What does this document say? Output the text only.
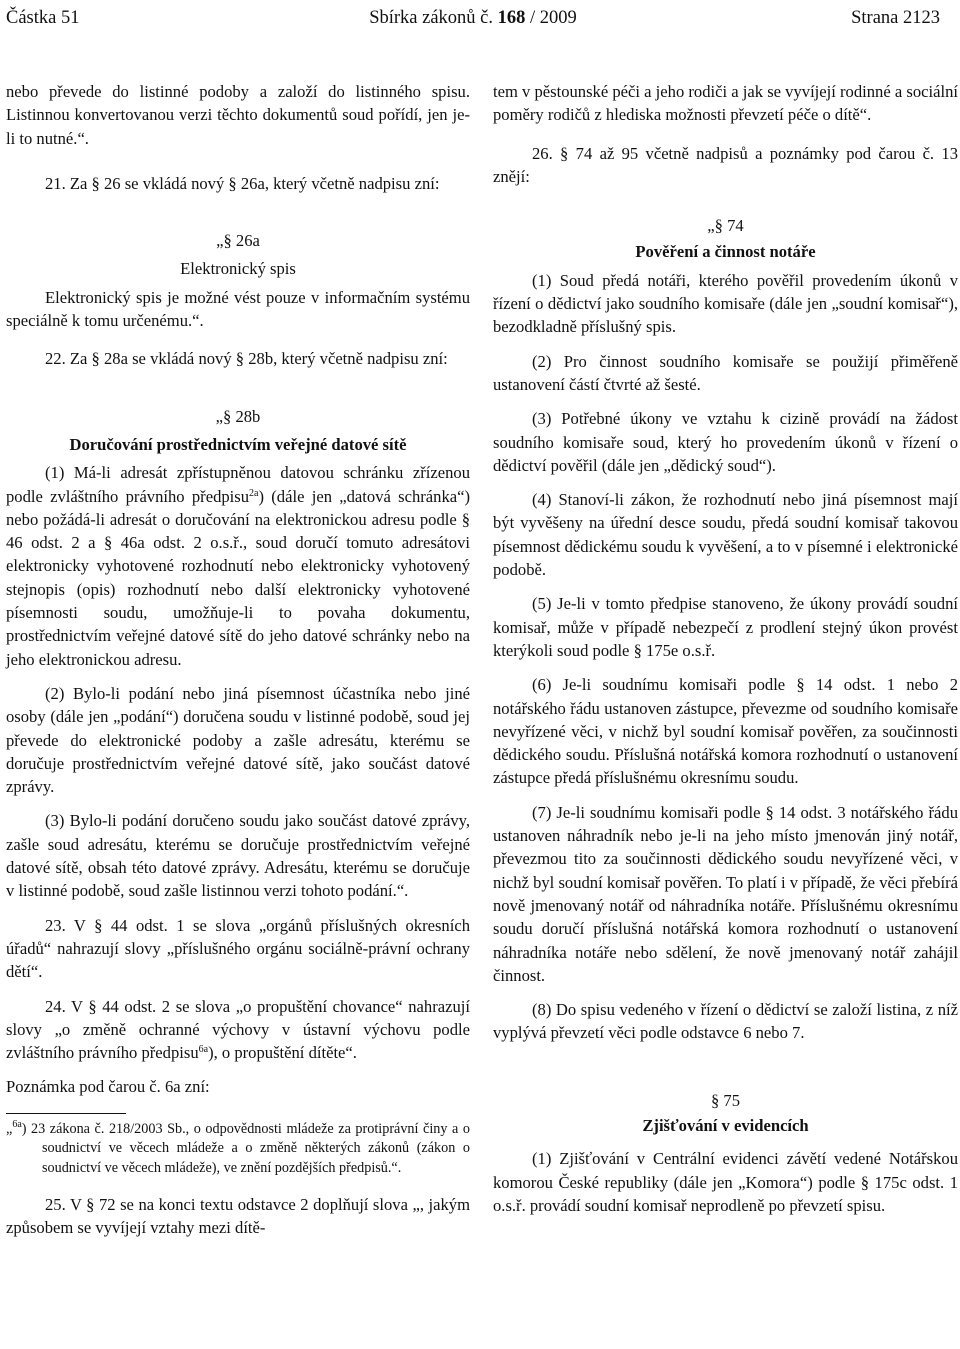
Částka 51	Sbírka zákonů č. 168 / 2009	Strana 2123

nebo převede do listinné podoby a založí do listinného spisu. Listinnou konvertovanou verzi těchto dokumentů soud pořídí, jen je-li to nutné.“.

21. Za § 26 se vkládá nový § 26a, který včetně nadpisu zní:

„§ 26a

Elektronický spis

Elektronický spis je možné vést pouze v informačním systému speciálně k tomu určenému.“.

22. Za § 28a se vkládá nový § 28b, který včetně nadpisu zní:

„§ 28b

Doručování prostřednictvím veřejné datové sítě

(1) Má-li adresát zpřístupněnou datovou schránku zřízenou podle zvláštního právního předpisu$^{2a}$) (dále jen „datová schránka“) nebo požádá-li adresát o doručování na elektronickou adresu podle § 46 odst. 2 a § 46a odst. 2 o.s.ř., soud doručí tomuto adresátovi elektronicky vyhotovené rozhodnutí nebo elektronicky vyhotovený stejnopis (opis) rozhodnutí nebo další elektronicky vyhotovené písemnosti soudu, umožňuje-li to povaha dokumentu, prostřednictvím veřejné datové sítě do jeho datové schránky nebo na jeho elektronickou adresu.

(2) Bylo-li podání nebo jiná písemnost účastníka nebo jiné osoby (dále jen „podání“) doručena soudu v listinné podobě, soud jej převede do elektronické podoby a zašle adresátu, kterému se doručuje prostřednictvím veřejné datové sítě, jako součást datové zprávy.

(3) Bylo-li podání doručeno soudu jako součást datové zprávy, zašle soud adresátu, kterému se doručuje prostřednictvím veřejné datové sítě, obsah této datové zprávy. Adresátu, kterému se doručuje v listinné podobě, soud zašle listinnou verzi tohoto podání.“.

23. V § 44 odst. 1 se slova „orgánů příslušných okresních úřadů“ nahrazují slovy „příslušného orgánu sociálně-právní ochrany dětí“.

24. V § 44 odst. 2 se slova „o propuštění chovance“ nahrazují slovy „o změně ochranné výchovy v ústavní výchovu podle zvláštního právního předpisu$^{6a}$), o propuštění dítěte“.

Poznámka pod čarou č. 6a zní:

„$^{6a}$) 23 zákona č. 218/2003 Sb., o odpovědnosti mládeže za protiprávní činy a o soudnictví ve věcech mládeže a o změně některých zákonů (zákon o soudnictví ve věcech mládeže), ve znění pozdějších předpisů.“.

25. V § 72 se na konci textu odstavce 2 doplňují slova „, jakým způsobem se vyvíjejí vztahy mezi dítě-

tem v pěstounské péči a jeho rodiči a jak se vyvíjejí rodinné a sociální poměry rodičů z hlediska možnosti převzetí péče o dítě“.

26. § 74 až 95 včetně nadpisů a poznámky pod čarou č. 13 znějí:

„§ 74

Pověření a činnost notáře

(1) Soud předá notáři, kterého pověřil provedením úkonů v řízení o dědictví jako soudního komisaře (dále jen „soudní komisař“), bezodkladně příslušný spis.

(2) Pro činnost soudního komisaře se použijí přiměřeně ustanovení částí čtvrté až šesté.

(3) Potřebné úkony ve vztahu k cizině provádí na žádost soudního komisaře soud, který ho provedením úkonů v řízení o dědictví pověřil (dále jen „dědický soud“).

(4) Stanoví-li zákon, že rozhodnutí nebo jiná písemnost mají být vyvěšeny na úřední desce soudu, předá soudní komisař takovou písemnost dědickému soudu k vyvěšení, a to v písemné i elektronické podobě.

(5) Je-li v tomto předpise stanoveno, že úkony provádí soudní komisař, může v případě nebezpečí z prodlení stejný úkon provést kterýkoli soud podle § 175e o.s.ř.

(6) Je-li soudnímu komisaři podle § 14 odst. 1 nebo 2 notářského řádu ustanoven zástupce, převezme od soudního komisaře nevyřízené věci, v nichž byl soudní komisař pověřen, za součinnosti dědického soudu. Příslušná notářská komora rozhodnutí o ustanovení zástupce předá příslušnému okresnímu soudu.

(7) Je-li soudnímu komisaři podle § 14 odst. 3 notářského řádu ustanoven náhradník nebo je-li na jeho místo jmenován jiný notář, převezmou tito za součinnosti dědického soudu nevyřízené věci, v nichž byl soudní komisař pověřen. To platí i v případě, že věci přebírá nově jmenovaný notář od náhradníka notáře. Příslušnému okresnímu soudu doručí příslušná notářská komora rozhodnutí o ustanovení náhradníka notáře nebo sdělení, že nově jmenovaný notář zahájil činnost.

(8) Do spisu vedeného v řízení o dědictví se založí listina, z níž vyplývá převzetí věci podle odstavce 6 nebo 7.

§ 75

Zjišťování v evidencích

(1) Zjišťování v Centrální evidenci závětí vedené Notářskou komorou České republiky (dále jen „Komora“) podle § 175c odst. 1 o.s.ř. provádí soudní komisař neprodleně po převzetí spisu.
